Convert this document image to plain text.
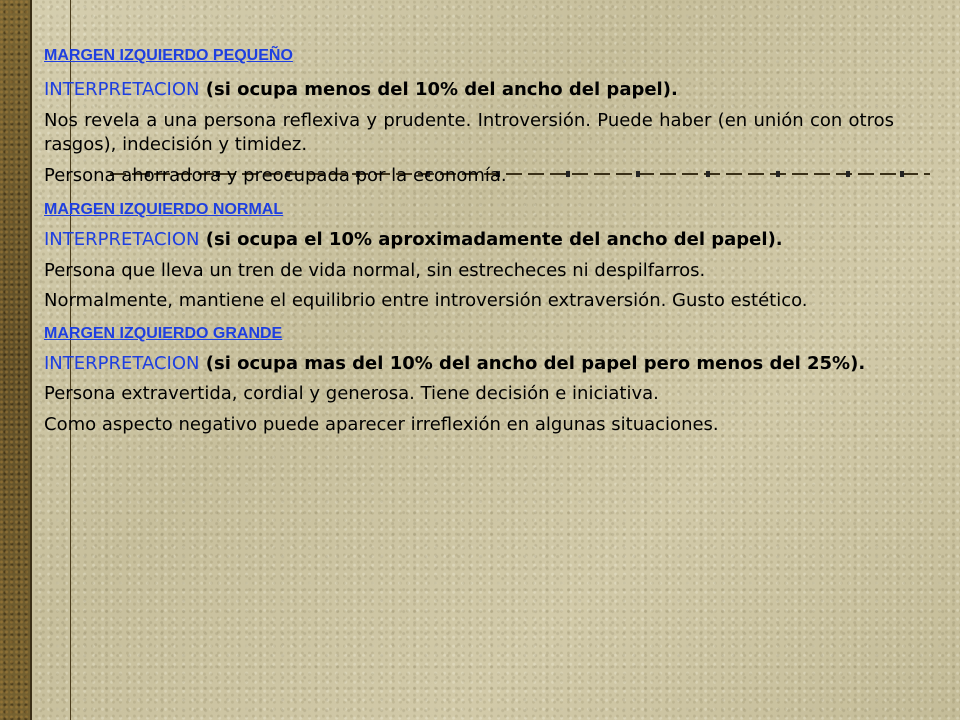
MARGEN IZQUIERDO PEQUEÑO

INTERPRETACION (si ocupa menos del 10% del ancho del papel).

Nos revela a una persona reflexiva y prudente. Introversión. Puede haber (en unión con otros rasgos), indecisión y timidez.

Persona ahorradora y preocupada por la economía.

MARGEN IZQUIERDO NORMAL

INTERPRETACION (si ocupa el 10% aproximadamente del ancho del papel).

Persona que lleva un tren de vida normal, sin estrecheces ni despilfarros.

Normalmente, mantiene el equilibrio entre introversión extraversión. Gusto estético.

MARGEN IZQUIERDO GRANDE

INTERPRETACION (si ocupa mas del 10% del ancho del papel pero menos del 25%).

Persona extravertida, cordial y generosa. Tiene decisión e iniciativa.

Como aspecto negativo puede aparecer irreflexión en algunas situaciones.
